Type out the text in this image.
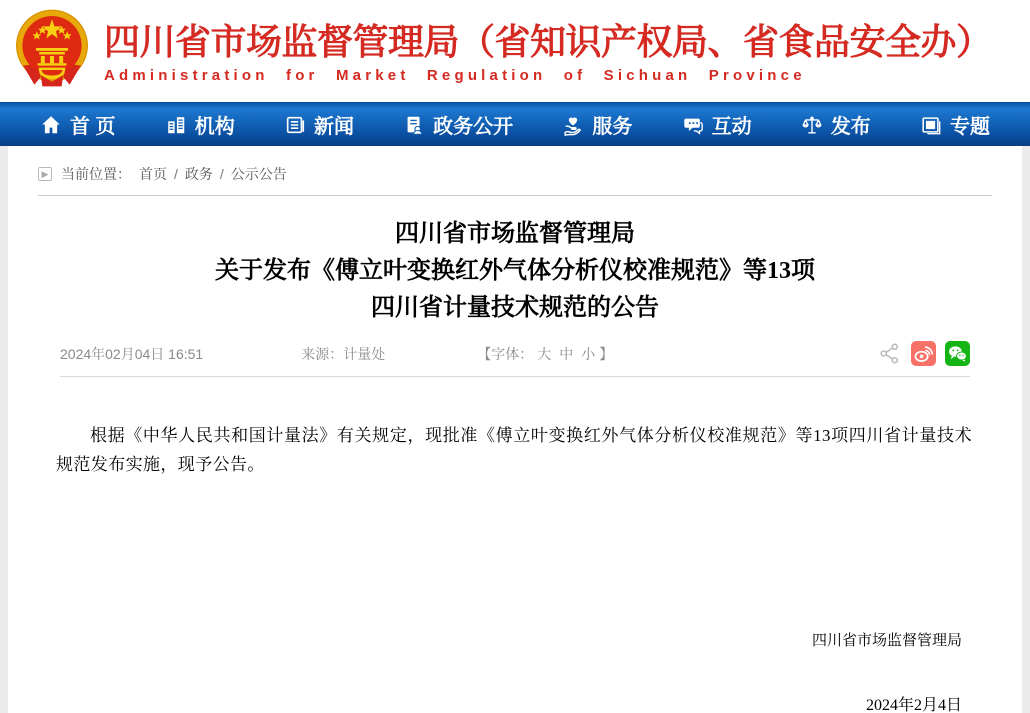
四川省市场监督管理局（省知识产权局、省食品安全办）
Administration for Market Regulation of Sichuan Province
首 页	机构	新闻	政务公开	服务	互动	发布	专题
▶ 当前位置： 首页 / 政务 / 公示公告
四川省市场监督管理局
关于发布《傅立叶变换红外气体分析仪校准规范》等13项
四川省计量技术规范的公告
2024年02月04日 16:51	来源：计量处	【字体： 大 中 小 】

根据《中华人民共和国计量法》有关规定，现批准《傅立叶变换红外气体分析仪校准规范》等13项四川省计量技术规范发布实施，现予公告。

四川省市场监督管理局
2024年2月4日
